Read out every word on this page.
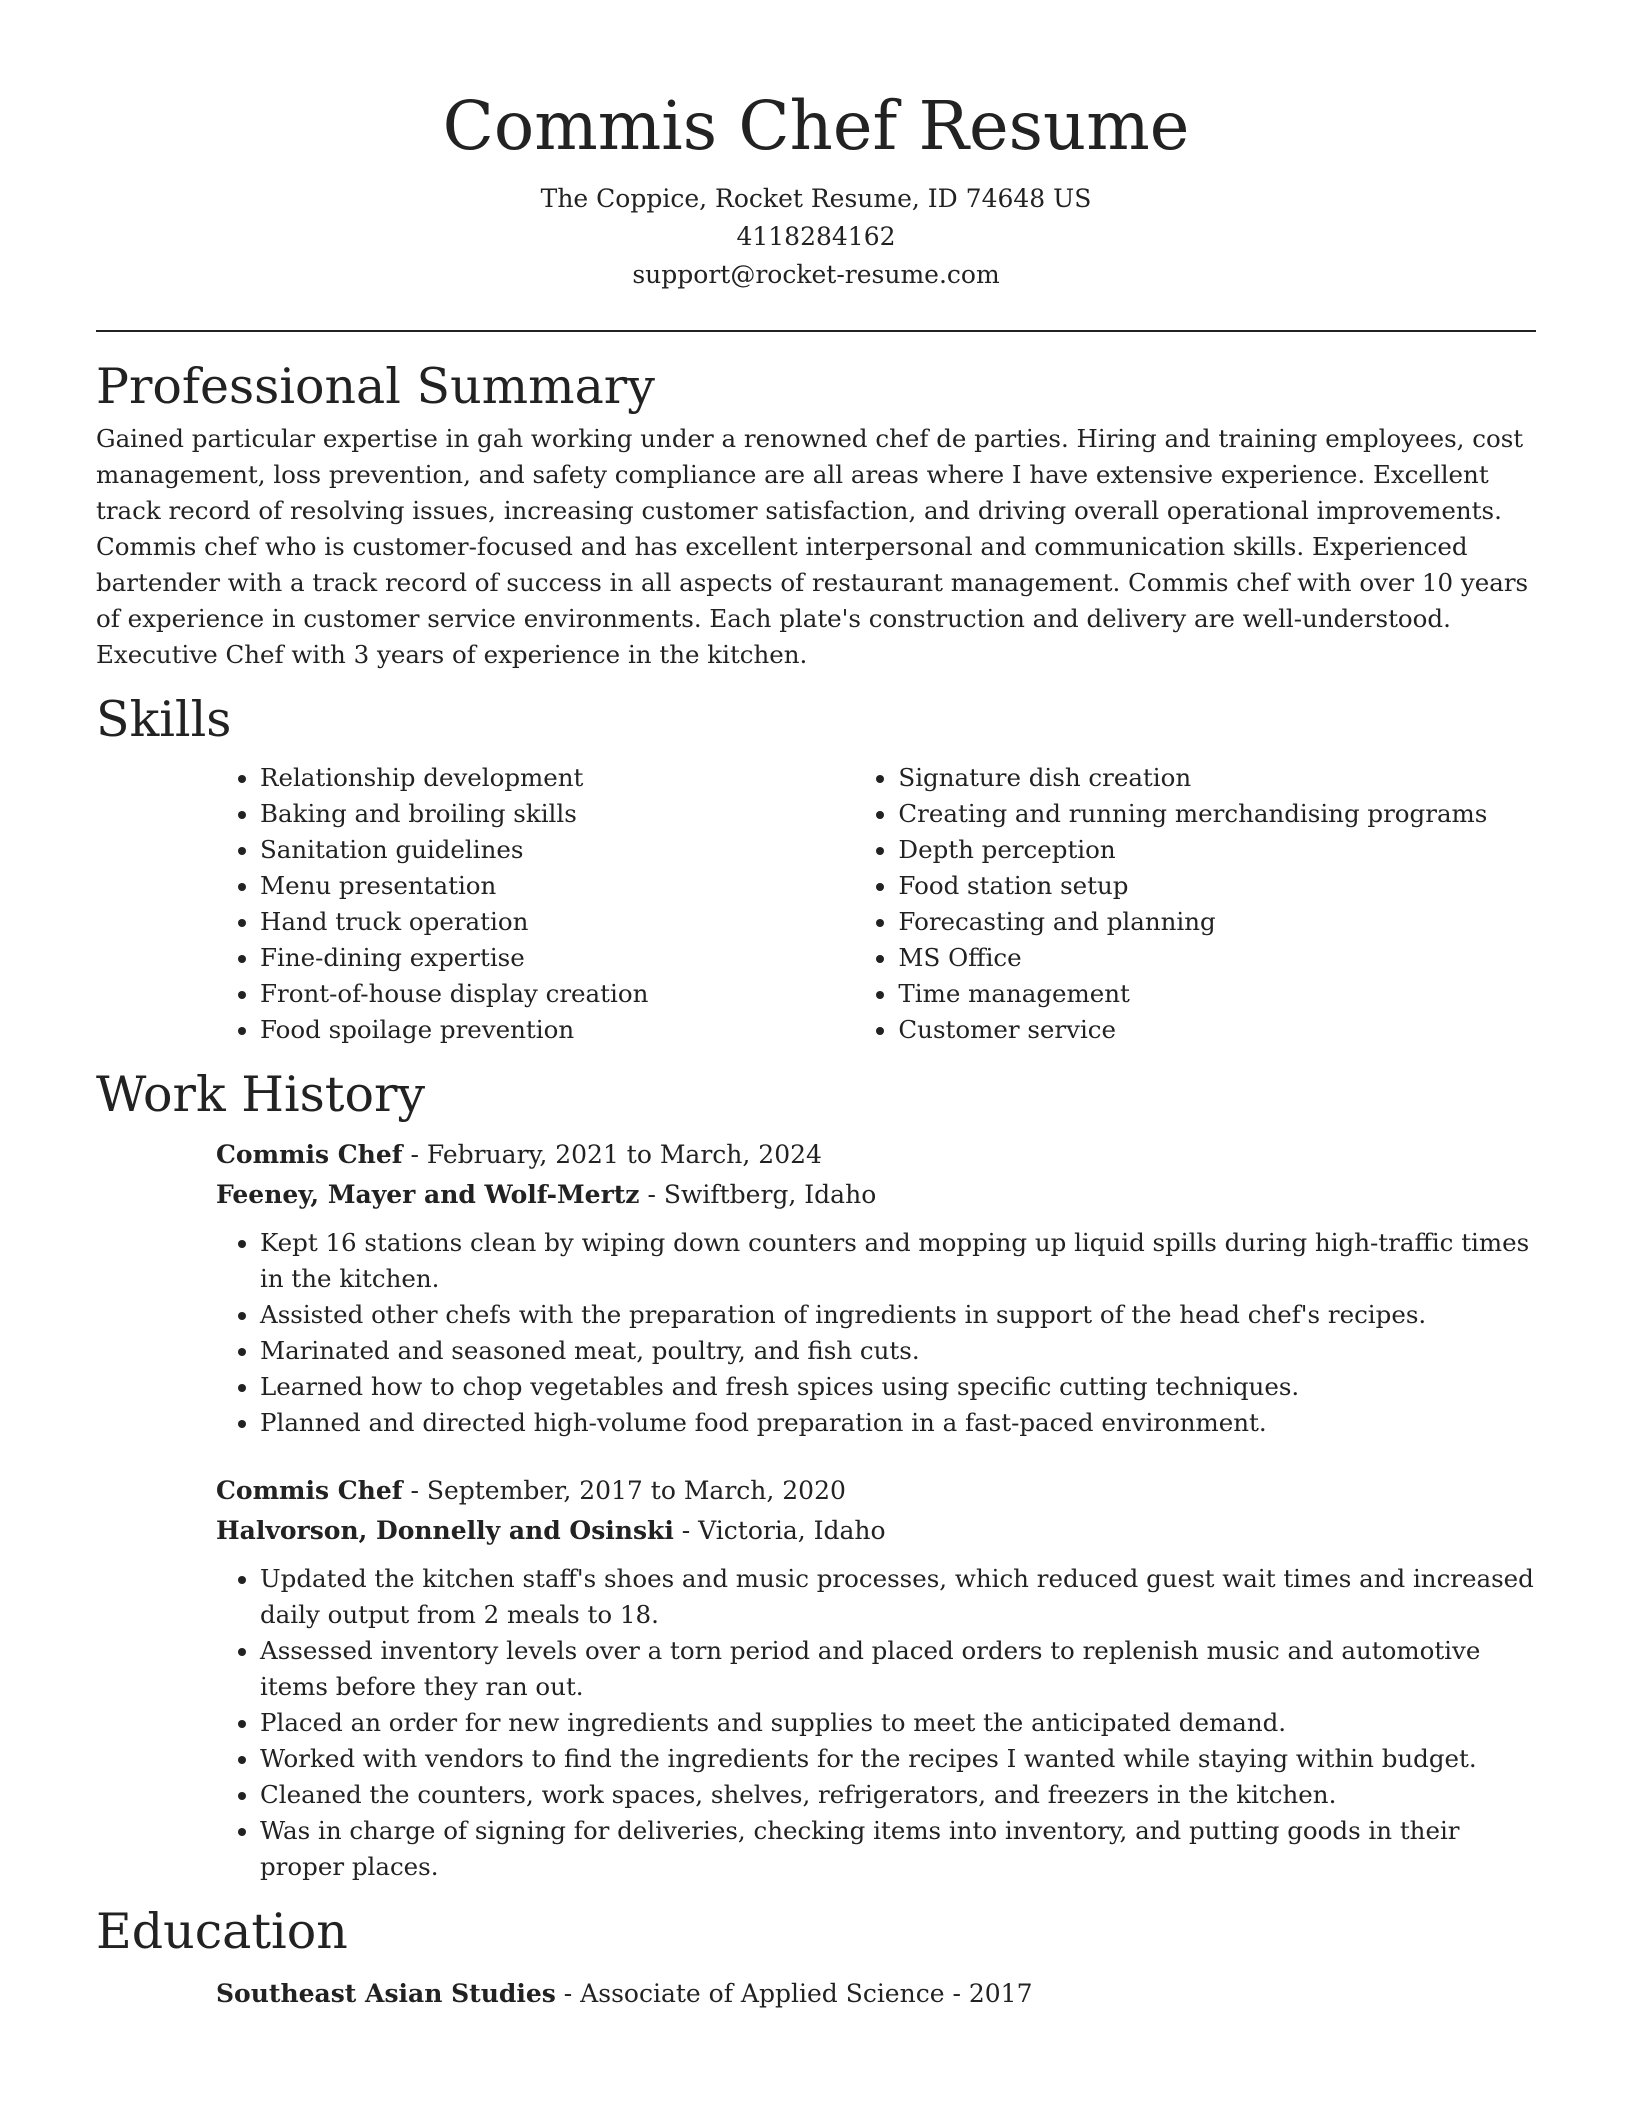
Commis Chef Resume
The Coppice, Rocket Resume, ID 74648 US
4118284162
support@rocket-resume.com
Professional Summary

Gained particular expertise in gah working under a renowned chef de parties. Hiring and training employees, cost management, loss prevention, and safety compliance are all areas where I have extensive experience. Excellent track record of resolving issues, increasing customer satisfaction, and driving overall operational improvements. Commis chef who is customer-focused and has excellent interpersonal and communication skills. Experienced bartender with a track record of success in all aspects of restaurant management. Commis chef with over 10 years of experience in customer service environments. Each plate's construction and delivery are well-understood. Executive Chef with 3 years of experience in the kitchen.

Skills
• Relationship development
• Baking and broiling skills
• Sanitation guidelines
• Menu presentation
• Hand truck operation
• Fine-dining expertise
• Front-of-house display creation
• Food spoilage prevention
• Signature dish creation
• Creating and running merchandising programs
• Depth perception
• Food station setup
• Forecasting and planning
• MS Office
• Time management
• Customer service
Work History
Commis Chef - February, 2021 to March, 2024
Feeney, Mayer and Wolf-Mertz - Swiftberg, Idaho
• Kept 16 stations clean by wiping down counters and mopping up liquid spills during high-traffic times in the kitchen.
• Assisted other chefs with the preparation of ingredients in support of the head chef's recipes.
• Marinated and seasoned meat, poultry, and fish cuts.
• Learned how to chop vegetables and fresh spices using specific cutting techniques.
• Planned and directed high-volume food preparation in a fast-paced environment.
Commis Chef - September, 2017 to March, 2020
Halvorson, Donnelly and Osinski - Victoria, Idaho
• Updated the kitchen staff's shoes and music processes, which reduced guest wait times and increased daily output from 2 meals to 18.
• Assessed inventory levels over a torn period and placed orders to replenish music and automotive items before they ran out.
• Placed an order for new ingredients and supplies to meet the anticipated demand.
• Worked with vendors to find the ingredients for the recipes I wanted while staying within budget.
• Cleaned the counters, work spaces, shelves, refrigerators, and freezers in the kitchen.
• Was in charge of signing for deliveries, checking items into inventory, and putting goods in their proper places.
Education
Southeast Asian Studies - Associate of Applied Science - 2017
